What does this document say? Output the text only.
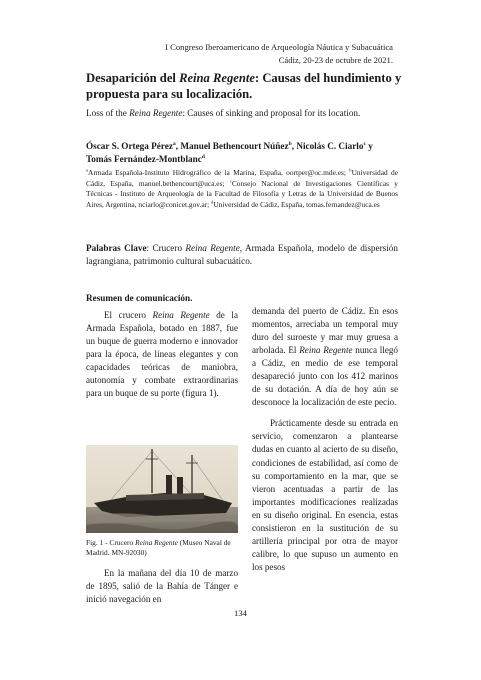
I Congreso Iberoamericano de Arqueología Náutica y Subacuática
Cádiz, 20-23 de octubre de 2021.
Desaparición del Reina Regente: Causas del hundimiento y propuesta para su localización.
Loss of the Reina Regente: Causes of sinking and proposal for its location.
Óscar S. Ortega Pérez$^a$, Manuel Bethencourt Núñez$^b$, Nicolás C. Ciarlo$^c$ y
Tomás Fernández-Montblanc$^d$
$^a$Armada Española-Instituto Hidrográfico de la Marina, España, oortper@oc.mde.es; $^b$Universidad de Cádiz, España, manuel.bethencourt@uca.es; $^c$Consejo Nacional de Investigaciones Científicas y Técnicas - Instituto de Arqueología de la Facultad de Filosofía y Letras de la Universidad de Buenos Aires, Argentina, nciarlo@conicet.gov.ar; $^d$Universidad de Cádiz, España, tomas.fernandez@uca.es
Palabras Clave: Crucero Reina Regente, Armada Española, modelo de dispersión lagrangiana, patrimonio cultural subacuático.
Resumen de comunicación.
El crucero Reina Regente de la Armada Española, botado en 1887, fue un buque de guerra moderno e innovador para la época, de líneas elegantes y con capacidades teóricas de maniobra, autonomía y combate extraordinarias para un buque de su porte (figura 1).
Fig. 1 - Crucero Reina Regente (Museo Naval de Madrid. MN-92030)
En la mañana del día 10 de marzo de 1895, salió de la Bahía de Tánger e inició navegación en

demanda del puerto de Cádiz. En esos momentos, arreciaba un temporal muy duro del suroeste y mar muy gruesa a arbolada. El Reina Regente nunca llegó a Cádiz, en medio de ese temporal desapareció junto con los 412 marinos de su dotación. A día de hoy aún se desconoce la localización de este pecio.

Prácticamente desde su entrada en servicio, comenzaron a plantearse dudas en cuanto al acierto de su diseño, condiciones de estabilidad, así como de su comportamiento en la mar, que se vieron acentuadas a partir de las importantes modificaciones realizadas en su diseño original. En esencia, estas consistieron en la sustitución de su artillería principal por otra de mayor calibre, lo que supuso un aumento en los pesos

134
